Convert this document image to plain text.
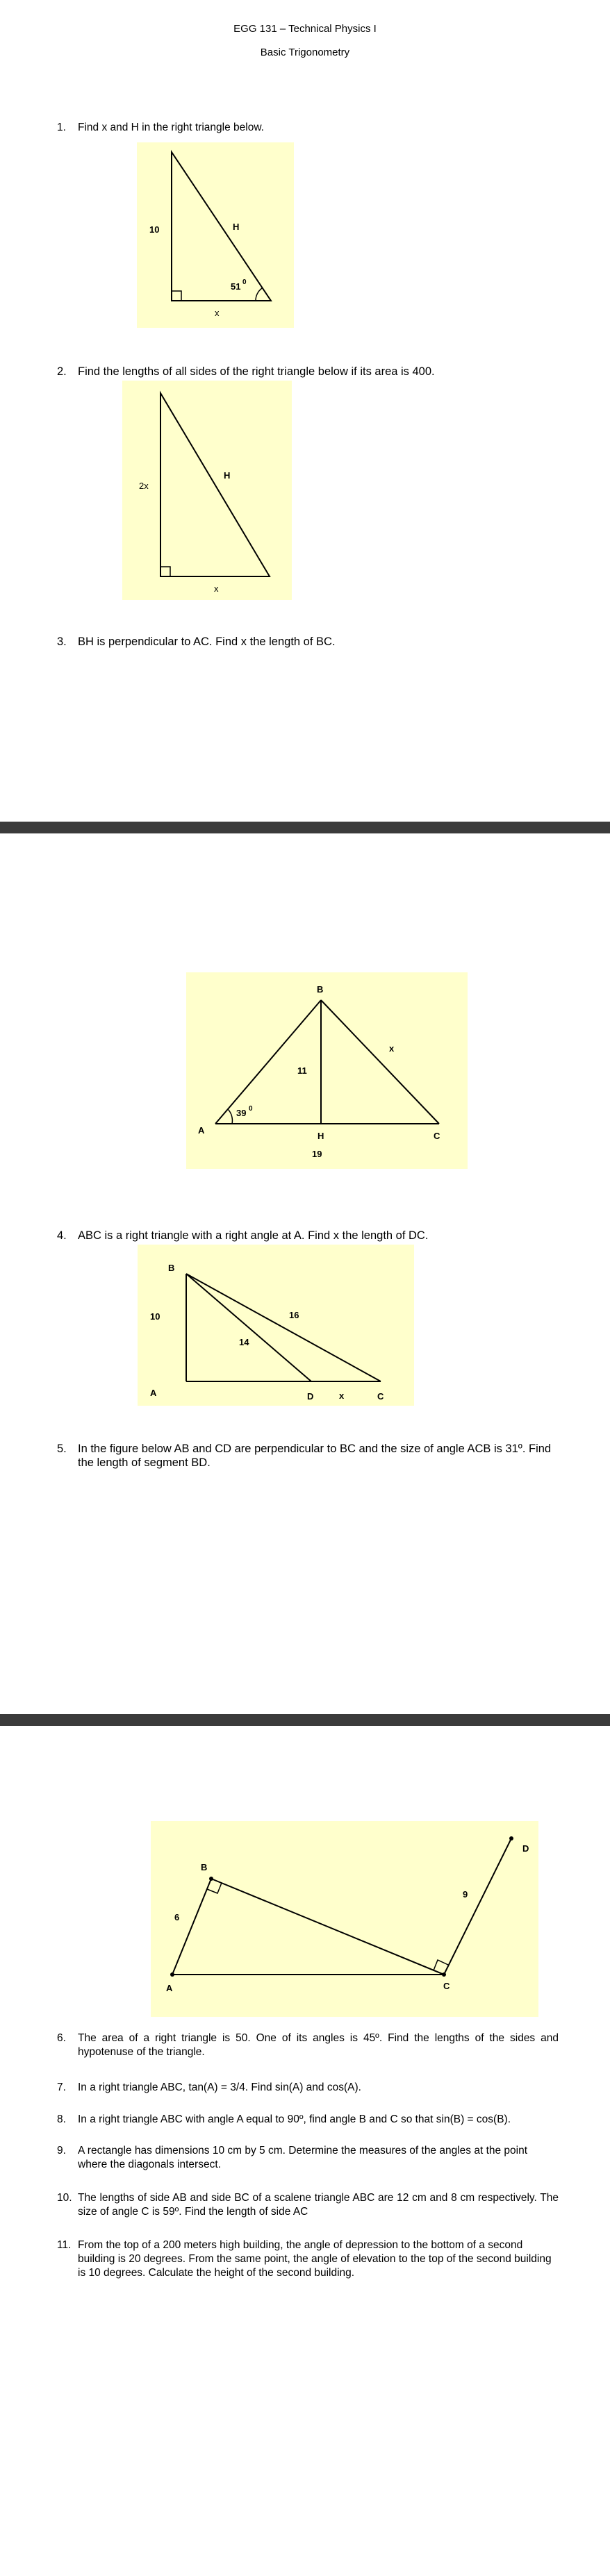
EGG 131 – Technical Physics I
Basic Trigonometry
1. Find x and H in the right triangle below.
10	H
51 0
x
2. Find the lengths of all sides of the right triangle below if its area is 400.
2x
H
x
3. BH is perpendicular to AC. Find x the length of BC.
B
A
H	C
x
11
39 0
19
4. ABC is a right triangle with a right angle at A. Find x the length of DC.
B
A	D	x	C
10
14
16
5. In the figure below AB and CD are perpendicular to BC and the size of angle ACB is 31º. Find the length of segment BD.
A
B
C
D
6
9
6. The area of a right triangle is 50. One of its angles is 45º. Find the lengths of the sides and hypotenuse of the triangle.
7. In a right triangle ABC, tan(A) = 3/4. Find sin(A) and cos(A).
8. In a right triangle ABC with angle A equal to 90º, find angle B and C so that sin(B) = cos(B).
9. A rectangle has dimensions 10 cm by 5 cm. Determine the measures of the angles at the point where the diagonals intersect.
10. The lengths of side AB and side BC of a scalene triangle ABC are 12 cm and 8 cm respectively. The size of angle C is 59º. Find the length of side AC
11. From the top of a 200 meters high building, the angle of depression to the bottom of a second building is 20 degrees. From the same point, the angle of elevation to the top of the second building is 10 degrees. Calculate the height of the second building.
